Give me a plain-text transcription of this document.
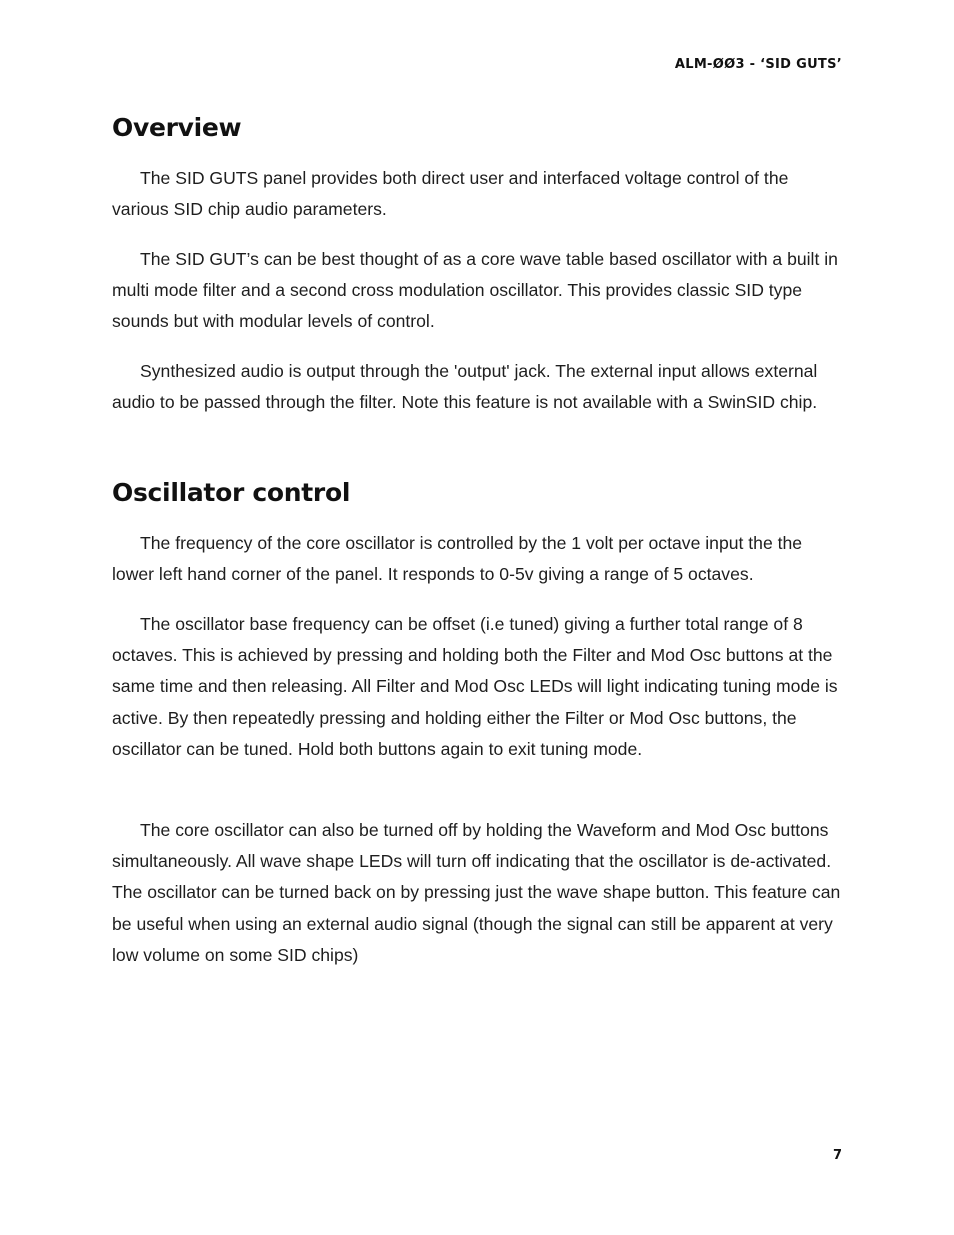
ALM-ØØ3 - ‘SID GUTS’
Overview

The SID GUTS panel provides both direct user and interfaced voltage control of the various SID chip audio parameters.

The SID GUT’s can be best thought of as a core wave table based oscillator with a built in multi mode filter and a second cross modulation oscillator. This provides classic SID type sounds but with modular levels of control.

Synthesized audio is output through the 'output' jack. The external input allows external audio to be passed through the filter. Note this feature is not available with a SwinSID chip.

Oscillator control

The frequency of the core oscillator is controlled by the 1 volt per octave input the the lower left hand corner of the panel. It responds to 0-5v giving a range of 5 octaves.

The oscillator base frequency can be offset (i.e tuned) giving a further total range of 8 octaves. This is achieved by pressing and holding both the Filter and Mod Osc buttons at the same time and then releasing. All Filter and Mod Osc LEDs will light indicating tuning mode is active. By then repeatedly pressing and holding either the Filter or Mod Osc buttons, the oscillator can be tuned. Hold both buttons again to exit tuning mode.

The core oscillator can also be turned off by holding the Waveform and Mod Osc buttons simultaneously. All wave shape LEDs will turn off indicating that the oscillator is de-activated. The oscillator can be turned back on by pressing just the wave shape button. This feature can be useful when using an external audio signal (though the signal can still be apparent at very low volume on some SID chips)

7
